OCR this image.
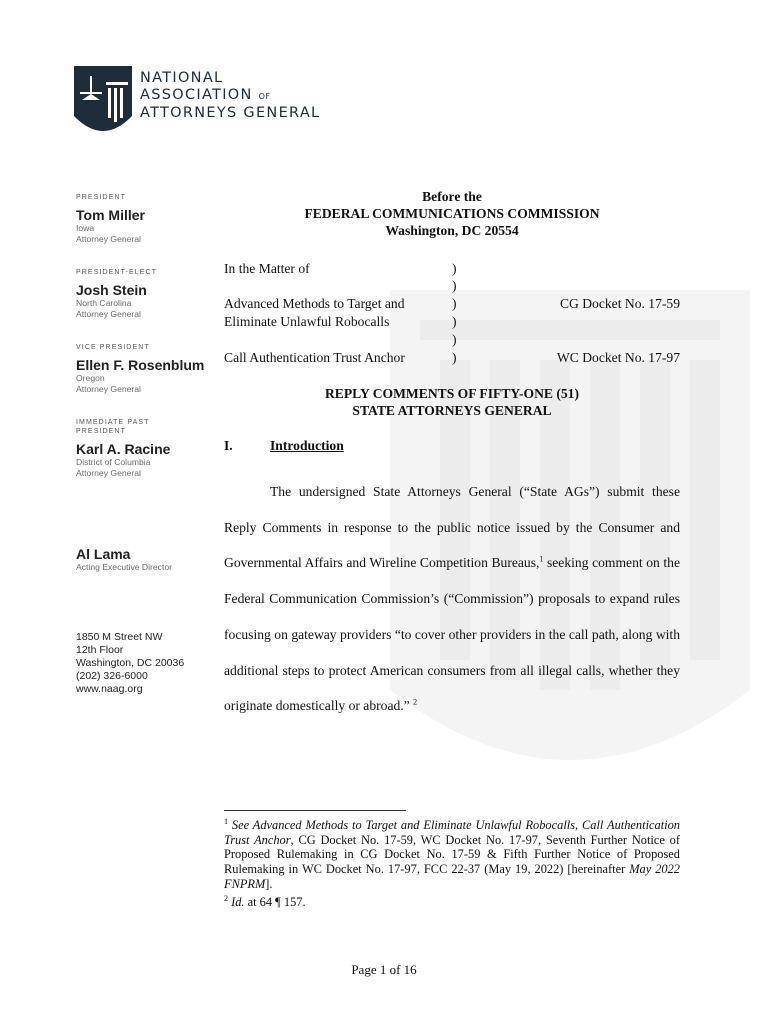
NATIONAL
ASSOCIATION OF
ATTORNEYS GENERAL
PRESIDENT
Tom Miller
Iowa
Attorney General
PRESIDENT-ELECT
Josh Stein
North Carolina
Attorney General
VICE PRESIDENT
Ellen F. Rosenblum
Oregon
Attorney General
IMMEDIATE PAST
PRESIDENT
Karl A. Racine
District of Columbia
Attorney General
Al Lama
Acting Executive Director
1850 M Street NW
12th Floor
Washington, DC 20036
(202) 326-6000
www.naag.org
Before the
FEDERAL COMMUNICATIONS COMMISSION
Washington, DC 20554
In the Matter of
Advanced Methods to Target and
Eliminate Unlawful Robocalls
Call Authentication Trust Anchor
)
)
)
)
)
)
CG Docket No. 17-59
WC Docket No. 17-97
REPLY COMMENTS OF FIFTY-ONE (51)
STATE ATTORNEYS GENERAL
I.	Introduction

The undersigned State Attorneys General (“State AGs”) submit these Reply Comments in response to the public notice issued by the Consumer and Governmental Affairs and Wireline Competition Bureaus,$^1$ seeking comment on the Federal Communication Commission’s (“Commission”) proposals to expand rules focusing on gateway providers “to cover other providers in the call path, along with additional steps to protect American consumers from all illegal calls, whether they originate domestically or abroad.” $^2$

$^1$ See Advanced Methods to Target and Eliminate Unlawful Robocalls, Call Authentication Trust Anchor, CG Docket No. 17-59, WC Docket No. 17-97, Seventh Further Notice of Proposed Rulemaking in CG Docket No. 17-59 & Fifth Further Notice of Proposed Rulemaking in WC Docket No. 17-97, FCC 22-37 (May 19, 2022) [hereinafter May 2022 FNPRM].

$^2$ Id. at 64 ¶ 157.

Page 1 of 16
